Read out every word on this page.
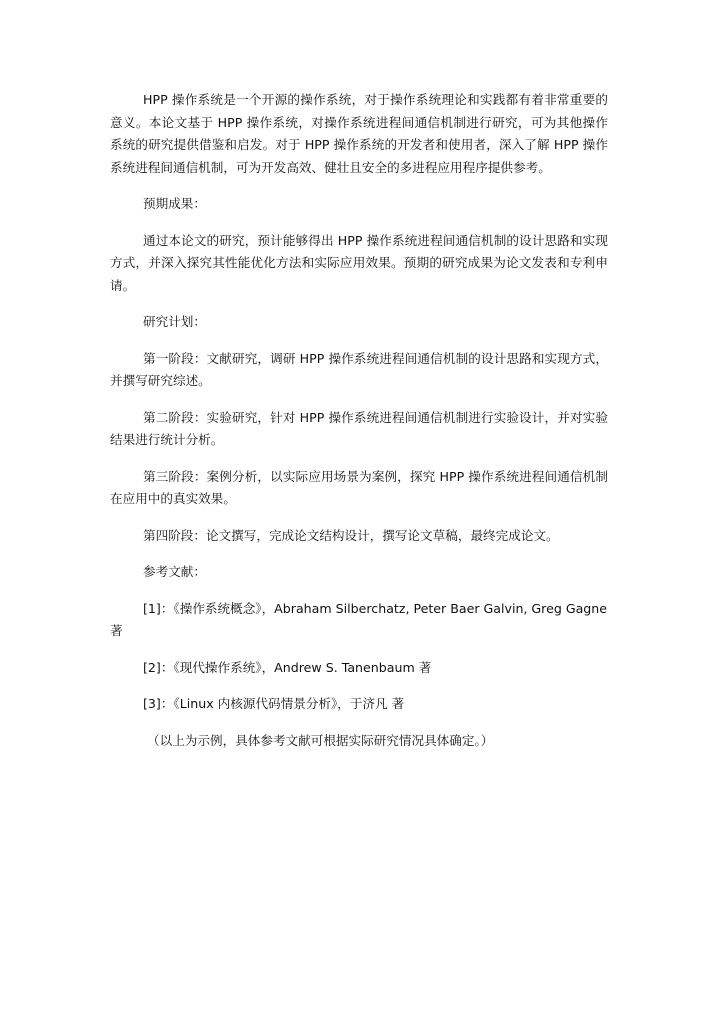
HPP 操作系统是一个开源的操作系统，对于操作系统理论和实践都有着非常重要的意义。本论文基于 HPP 操作系统，对操作系统进程间通信机制进行研究，可为其他操作系统的研究提供借鉴和启发。对于 HPP 操作系统的开发者和使用者，深入了解 HPP 操作系统进程间通信机制，可为开发高效、健壮且安全的多进程应用程序提供参考。

预期成果：

通过本论文的研究，预计能够得出 HPP 操作系统进程间通信机制的设计思路和实现方式，并深入探究其性能优化方法和实际应用效果。预期的研究成果为论文发表和专利申请。

研究计划：

第一阶段：文献研究，调研 HPP 操作系统进程间通信机制的设计思路和实现方式，并撰写研究综述。

第二阶段：实验研究，针对 HPP 操作系统进程间通信机制进行实验设计，并对实验结果进行统计分析。

第三阶段：案例分析，以实际应用场景为案例，探究 HPP 操作系统进程间通信机制在应用中的真实效果。

第四阶段：论文撰写，完成论文结构设计，撰写论文草稿，最终完成论文。

参考文献：

[1]：《操作系统概念》，Abraham Silberchatz, Peter Baer Galvin, Greg Gagne 著

[2]：《现代操作系统》，Andrew S. Tanenbaum 著

[3]：《Linux 内核源代码情景分析》，于济凡 著

（以上为示例，具体参考文献可根据实际研究情况具体确定。）
